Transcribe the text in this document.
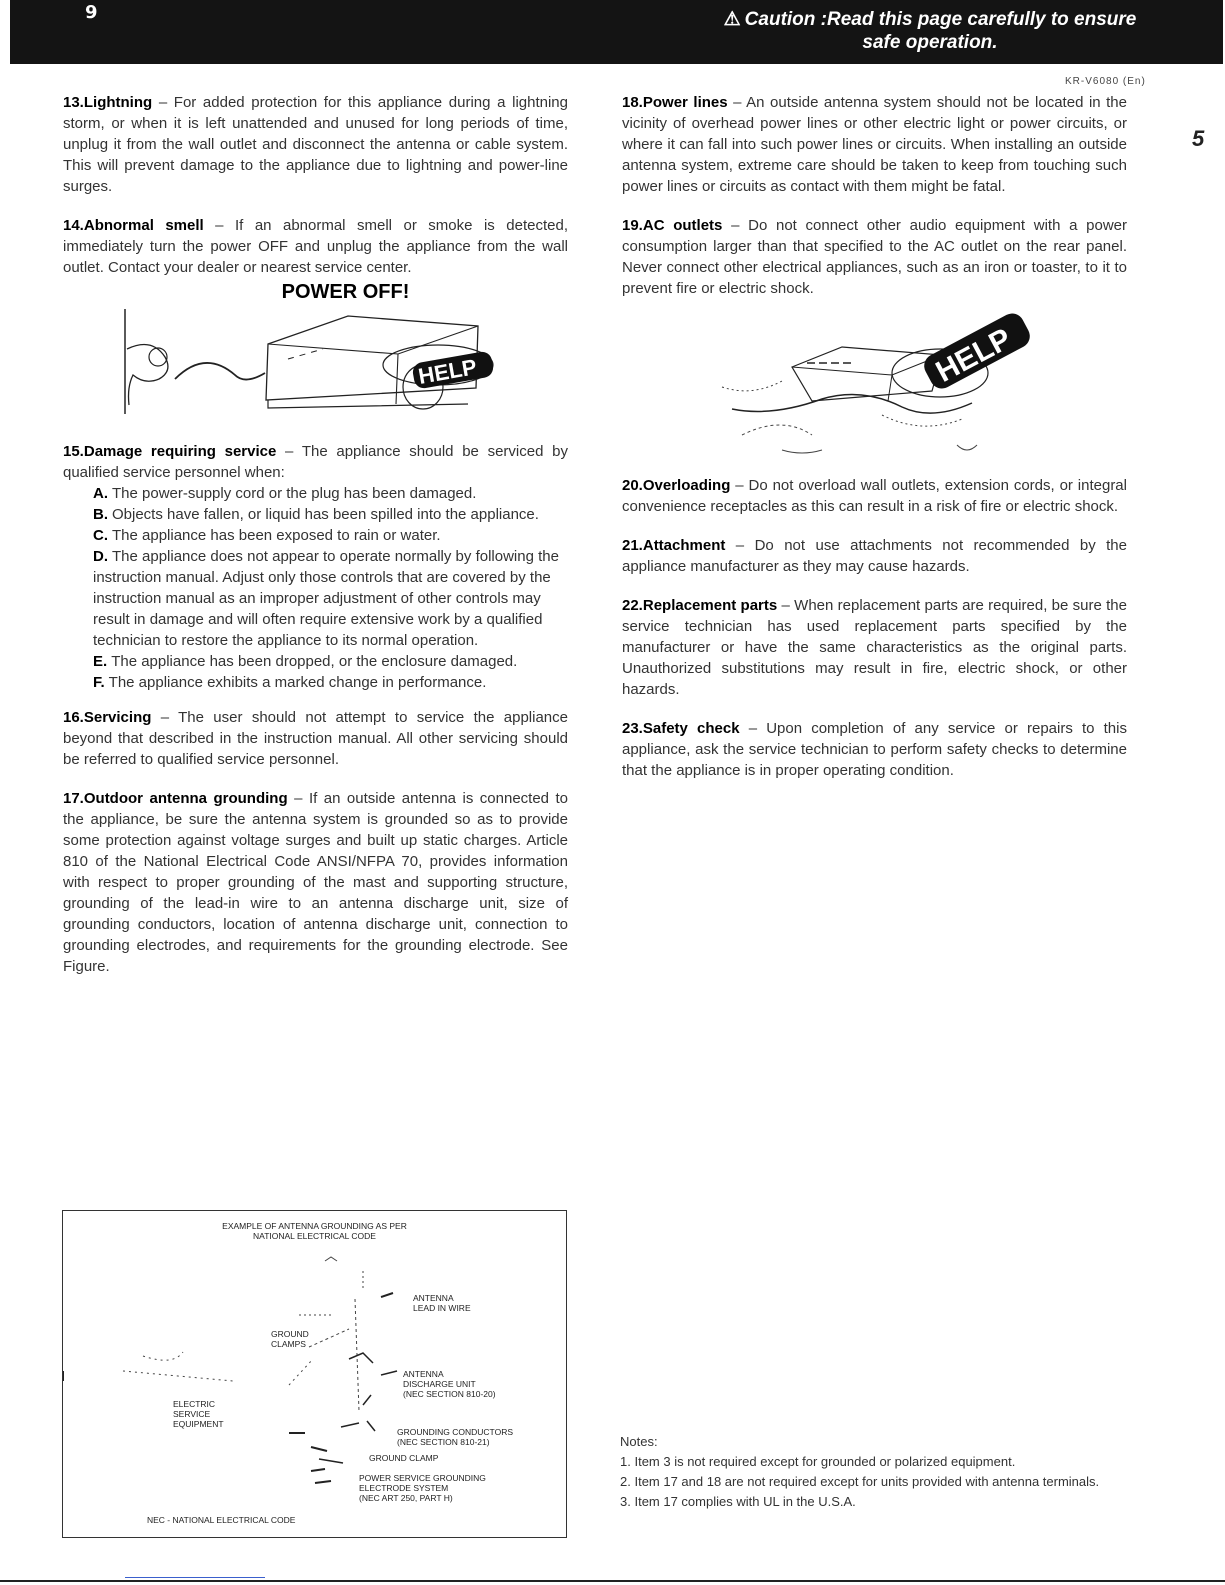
9	⚠ Caution :Read this page carefully to ensure
safe operation.
KR-V6080 (En)
5
13.Lightning – For added protection for this appliance during a lightning storm, or when it is left unattended and unused for long periods of time, unplug it from the wall outlet and disconnect the antenna or cable system. This will prevent damage to the appliance due to lightning and power-line surges.
14.Abnormal smell – If an abnormal smell or smoke is detected, immediately turn the power OFF and unplug the appliance from the wall outlet. Contact your dealer or nearest service center.
POWER OFF!
HELP
15.Damage requiring service – The appliance should be serviced by qualified service personnel when:
A. The power-supply cord or the plug has been damaged.
B. Objects have fallen, or liquid has been spilled into the appliance.
C. The appliance has been exposed to rain or water.
D. The appliance does not appear to operate normally by following the instruction manual. Adjust only those controls that are covered by the instruction manual as an improper adjustment of other controls may result in damage and will often require extensive work by a qualified technician to restore the appliance to its normal operation.
E. The appliance has been dropped, or the enclosure damaged.
F. The appliance exhibits a marked change in performance.
16.Servicing – The user should not attempt to service the appliance beyond that described in the instruction manual. All other servicing should be referred to qualified service personnel.
17.Outdoor antenna grounding – If an outside antenna is connected to the appliance, be sure the antenna system is grounded so as to provide some protection against voltage surges and built up static charges. Article 810 of the National Electrical Code ANSI/NFPA 70, provides information with respect to proper grounding of the mast and supporting structure, grounding of the lead-in wire to an antenna discharge unit, size of grounding conductors, location of antenna discharge unit, connection to grounding electrodes, and requirements for the grounding electrode. See Figure.
EXAMPLE OF ANTENNA GROUNDING AS PER
NATIONAL ELECTRICAL CODE
ANTENNA
LEAD IN WIRE
GROUND
CLAMPS
ANTENNA
DISCHARGE UNIT
(NEC SECTION 810-20)
ELECTRIC
SERVICE
EQUIPMENT
GROUNDING CONDUCTORS
(NEC SECTION 810-21)
GROUND CLAMP
POWER SERVICE GROUNDING
ELECTRODE SYSTEM
(NEC ART 250, PART H)
NEC - NATIONAL ELECTRICAL CODE
18.Power lines – An outside antenna system should not be located in the vicinity of overhead power lines or other electric light or power circuits, or where it can fall into such power lines or circuits. When installing an outside antenna system, extreme care should be taken to keep from touching such power lines or circuits as contact with them might be fatal.
19.AC outlets – Do not connect other audio equipment with a power consumption larger than that specified to the AC outlet on the rear panel. Never connect other electrical appliances, such as an iron or toaster, to it to prevent fire or electric shock.
HELP
20.Overloading – Do not overload wall outlets, extension cords, or integral convenience receptacles as this can result in a risk of fire or electric shock.
21.Attachment – Do not use attachments not recommended by the appliance manufacturer as they may cause hazards.
22.Replacement parts – When replacement parts are required, be sure the service technician has used replacement parts specified by the manufacturer or have the same characteristics as the original parts. Unauthorized substitutions may result in fire, electric shock, or other hazards.
23.Safety check – Upon completion of any service or repairs to this appliance, ask the service technician to perform safety checks to determine that the appliance is in proper operating condition.
Notes:
1. Item 3 is not required except for grounded or polarized equipment.
2. Item 17 and 18 are not required except for units provided with antenna terminals.
3. Item 17 complies with UL in the U.S.A.
